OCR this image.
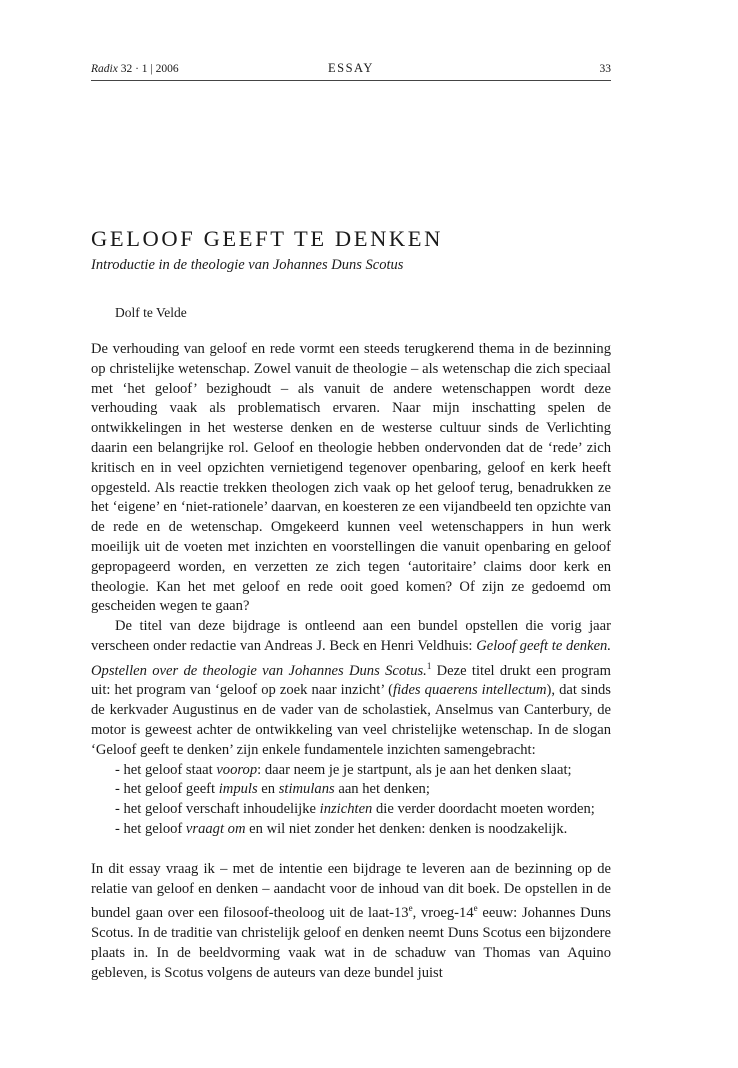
Radix 32 · 1 | 2006	ESSAY	33
GELOOF GEEFT TE DENKEN
Introductie in de theologie van Johannes Duns Scotus
Dolf te Velde

De verhouding van geloof en rede vormt een steeds terugkerend thema in de bezinning op christelijke wetenschap. Zowel vanuit de theologie – als wetenschap die zich speciaal met ‘het geloof’ bezighoudt – als vanuit de andere wetenschappen wordt deze verhouding vaak als problematisch ervaren. Naar mijn inschatting spelen de ontwikkelingen in het westerse denken en de westerse cultuur sinds de Verlichting daarin een belangrijke rol. Geloof en theologie hebben ondervonden dat de ‘rede’ zich kritisch en in veel opzichten vernietigend tegenover openbaring, geloof en kerk heeft opgesteld. Als reactie trekken theologen zich vaak op het geloof terug, benadrukken ze het ‘eigene’ en ‘niet-rationele’ daarvan, en koesteren ze een vijandbeeld ten opzichte van de rede en de wetenschap. Omgekeerd kunnen veel wetenschappers in hun werk moeilijk uit de voeten met inzichten en voorstellingen die vanuit openbaring en geloof gepropageerd worden, en verzetten ze zich tegen ‘autoritaire’ claims door kerk en theologie. Kan het met geloof en rede ooit goed komen? Of zijn ze gedoemd om gescheiden wegen te gaan?

De titel van deze bijdrage is ontleend aan een bundel opstellen die vorig jaar verscheen onder redactie van Andreas J. Beck en Henri Veldhuis: Geloof geeft te denken. Opstellen over de theologie van Johannes Duns Scotus.$^1$ Deze titel drukt een program uit: het program van ‘geloof op zoek naar inzicht’ (fides quaerens intellectum), dat sinds de kerkvader Augustinus en de vader van de scholastiek, Anselmus van Canterbury, de motor is geweest achter de ontwikkeling van veel christelijke wetenschap. In de slogan ‘Geloof geeft te denken’ zijn enkele fundamentele inzichten samengebracht:

- het geloof staat voorop: daar neem je je startpunt, als je aan het denken slaat;
- het geloof geeft impuls en stimulans aan het denken;
- het geloof verschaft inhoudelijke inzichten die verder doordacht moeten worden;
- het geloof vraagt om en wil niet zonder het denken: denken is noodzakelijk.

In dit essay vraag ik – met de intentie een bijdrage te leveren aan de bezinning op de relatie van geloof en denken – aandacht voor de inhoud van dit boek. De opstellen in de bundel gaan over een filosoof-theoloog uit de laat-13e, vroeg-14e eeuw: Johannes Duns Scotus. In de traditie van christelijk geloof en denken neemt Duns Scotus een bijzondere plaats in. In de beeldvorming vaak wat in de schaduw van Thomas van Aquino gebleven, is Scotus volgens de auteurs van deze bundel juist
